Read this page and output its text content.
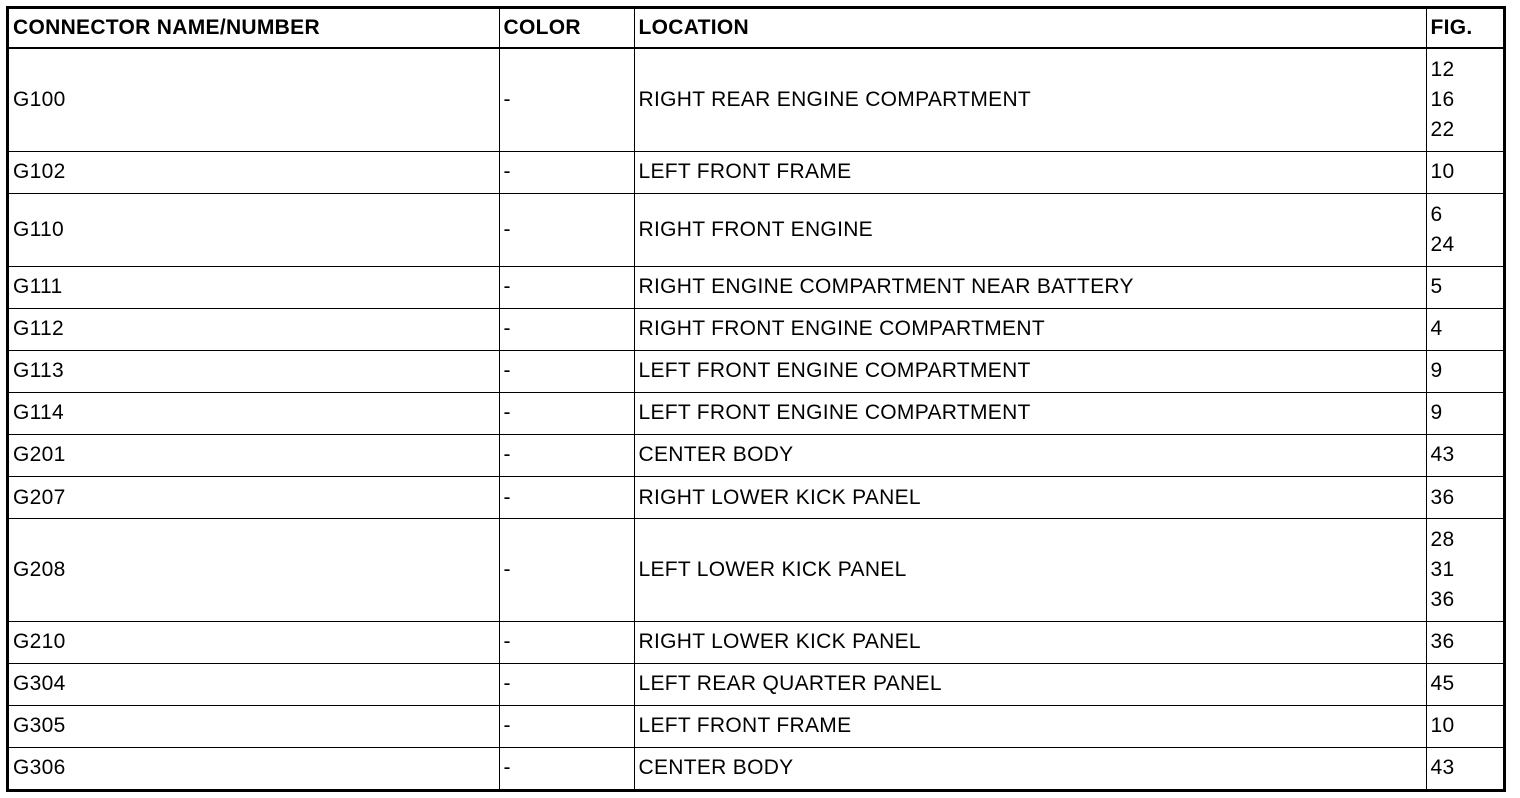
CONNECTOR NAME/NUMBER	COLOR	LOCATION	FIG.
G100	-	RIGHT REAR ENGINE COMPARTMENT	12
16
22

G102	-	LEFT FRONT FRAME	10

G110	-	RIGHT FRONT ENGINE	6
24

G111	-	RIGHT ENGINE COMPARTMENT NEAR BATTERY	5

G112	-	RIGHT FRONT ENGINE COMPARTMENT	4

G113	-	LEFT FRONT ENGINE COMPARTMENT	9

G114	-	LEFT FRONT ENGINE COMPARTMENT	9

G201	-	CENTER BODY	43

G207	-	RIGHT LOWER KICK PANEL	36

G208	-	LEFT LOWER KICK PANEL	28
31
36

G210	-	RIGHT LOWER KICK PANEL	36

G304	-	LEFT REAR QUARTER PANEL	45

G305	-	LEFT FRONT FRAME	10

G306	-	CENTER BODY	43
